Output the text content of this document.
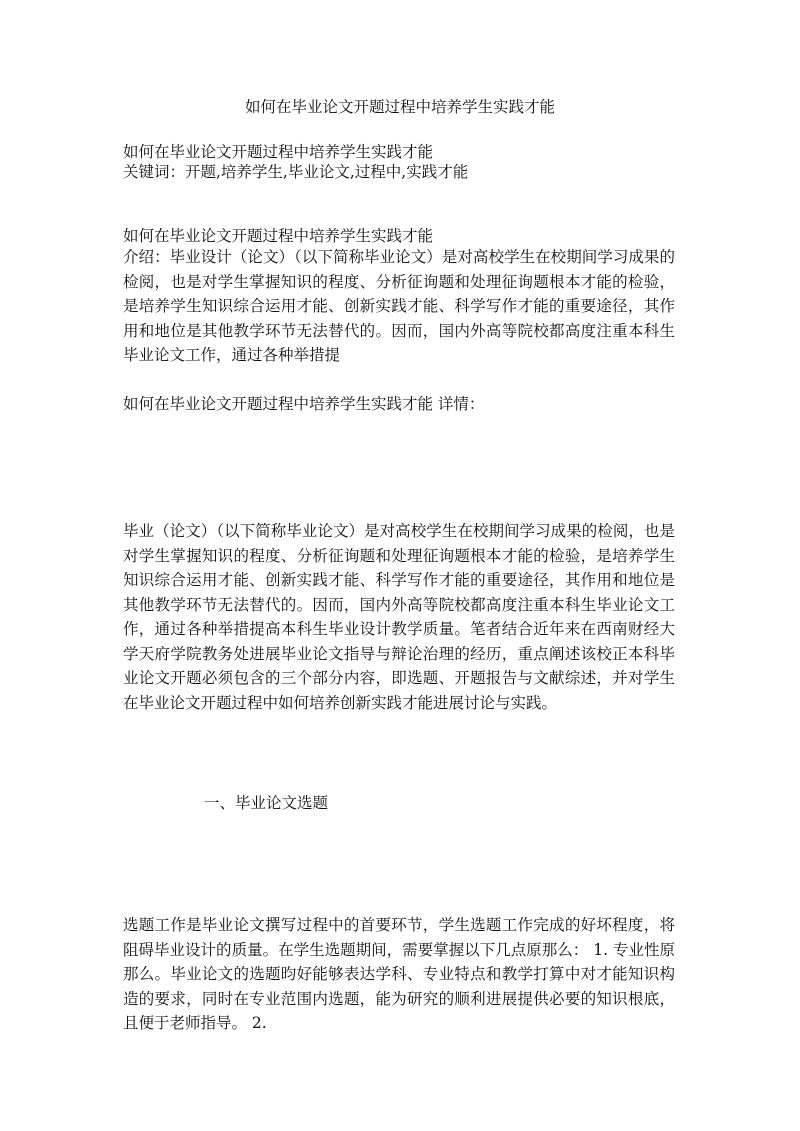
如何在毕业论文开题过程中培养学生实践才能

如何在毕业论文开题过程中培养学生实践才能

关键词：开题,培养学生,毕业论文,过程中,实践才能

如何在毕业论文开题过程中培养学生实践才能

介绍：毕业设计（论文）（以下简称毕业论文）是对高校学生在校期间学习成果的检阅，也是对学生掌握知识的程度、分析征询题和处理征询题根本才能的检验，是培养学生知识综合运用才能、创新实践才能、科学写作才能的重要途径，其作用和地位是其他教学环节无法替代的。因而，国内外高等院校都高度注重本科生毕业论文工作，通过各种举措提

如何在毕业论文开题过程中培养学生实践才能 详情：

毕业（论文）（以下简称毕业论文）是对高校学生在校期间学习成果的检阅，也是对学生掌握知识的程度、分析征询题和处理征询题根本才能的检验，是培养学生知识综合运用才能、创新实践才能、科学写作才能的重要途径，其作用和地位是其他教学环节无法替代的。因而，国内外高等院校都高度注重本科生毕业论文工作，通过各种举措提高本科生毕业设计教学质量。笔者结合近年来在西南财经大学天府学院教务处进展毕业论文指导与辩论治理的经历，重点阐述该校正本科毕业论文开题必须包含的三个部分内容，即选题、开题报告与文献综述，并对学生在毕业论文开题过程中如何培养创新实践才能进展讨论与实践。

一、毕业论文选题

选题工作是毕业论文撰写过程中的首要环节，学生选题工作完成的好坏程度，将阻碍毕业设计的质量。在学生选题期间，需要掌握以下几点原那么： 1. 专业性原那么。毕业论文的选题昀好能够表达学科、专业特点和教学打算中对才能知识构造的要求，同时在专业范围内选题，能为研究的顺利进展提供必要的知识根底，且便于老师指导。 2.
